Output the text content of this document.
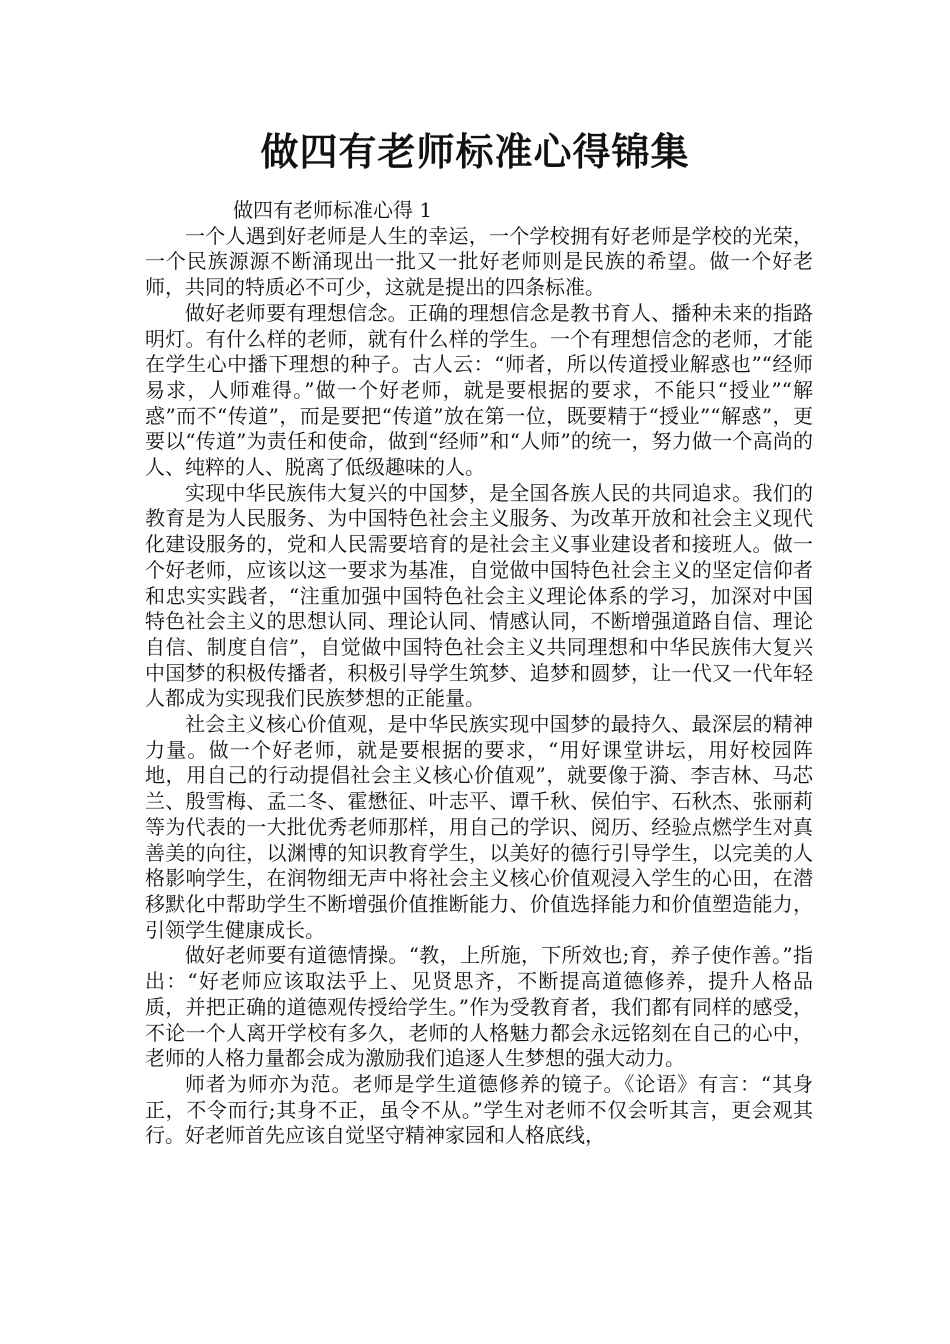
做四有老师标准心得锦集

做四有老师标准心得 1

一个人遇到好老师是人生的幸运，一个学校拥有好老师是学校的光荣，一个民族源源不断涌现出一批又一批好老师则是民族的希望。做一个好老师，共同的特质必不可少，这就是提出的四条标准。

做好老师要有理想信念。正确的理想信念是教书育人、播种未来的指路明灯。有什么样的老师，就有什么样的学生。一个有理想信念的老师，才能在学生心中播下理想的种子。古人云：“师者，所以传道授业解惑也”“经师易求，人师难得。”做一个好老师，就是要根据的要求，不能只“授业”“解惑”而不“传道”，而是要把“传道”放在第一位，既要精于“授业”“解惑”，更要以“传道”为责任和使命，做到“经师”和“人师”的统一，努力做一个高尚的人、纯粹的人、脱离了低级趣味的人。

实现中华民族伟大复兴的中国梦，是全国各族人民的共同追求。我们的教育是为人民服务、为中国特色社会主义服务、为改革开放和社会主义现代化建设服务的，党和人民需要培育的是社会主义事业建设者和接班人。做一个好老师，应该以这一要求为基准，自觉做中国特色社会主义的坚定信仰者和忠实实践者，“注重加强中国特色社会主义理论体系的学习，加深对中国特色社会主义的思想认同、理论认同、情感认同，不断增强道路自信、理论自信、制度自信”，自觉做中国特色社会主义共同理想和中华民族伟大复兴中国梦的积极传播者，积极引导学生筑梦、追梦和圆梦，让一代又一代年轻人都成为实现我们民族梦想的正能量。

社会主义核心价值观，是中华民族实现中国梦的最持久、最深层的精神力量。做一个好老师，就是要根据的要求，“用好课堂讲坛，用好校园阵地，用自己的行动提倡社会主义核心价值观”，就要像于漪、李吉林、马芯兰、殷雪梅、孟二冬、霍懋征、叶志平、谭千秋、侯伯宇、石秋杰、张丽莉等为代表的一大批优秀老师那样，用自己的学识、阅历、经验点燃学生对真善美的向往，以渊博的知识教育学生，以美好的德行引导学生，以完美的人格影响学生，在润物细无声中将社会主义核心价值观浸入学生的心田，在潜移默化中帮助学生不断增强价值推断能力、价值选择能力和价值塑造能力，引领学生健康成长。

做好老师要有道德情操。“教，上所施，下所效也;育，养子使作善。”指出：“好老师应该取法乎上、见贤思齐，不断提高道德修养，提升人格品质，并把正确的道德观传授给学生。”作为受教育者，我们都有同样的感受，不论一个人离开学校有多久，老师的人格魅力都会永远铭刻在自己的心中，老师的人格力量都会成为激励我们追逐人生梦想的强大动力。

师者为师亦为范。老师是学生道德修养的镜子。《论语》有言：“其身正，不令而行;其身不正，虽令不从。”学生对老师不仅会听其言，更会观其行。好老师首先应该自觉坚守精神家园和人格底线，
